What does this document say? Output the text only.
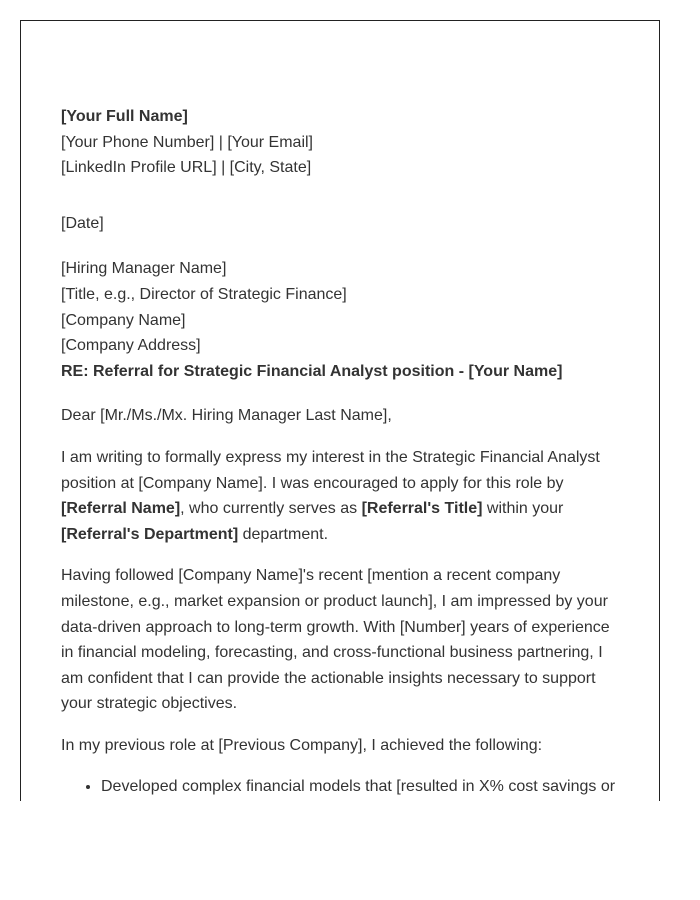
[Your Full Name]
[Your Phone Number] | [Your Email]
[LinkedIn Profile URL] | [City, State]
[Date]
[Hiring Manager Name]
[Title, e.g., Director of Strategic Finance]
[Company Name]
[Company Address]
RE: Referral for Strategic Financial Analyst position - [Your Name]

Dear [Mr./Ms./Mx. Hiring Manager Last Name],

I am writing to formally express my interest in the Strategic Financial Analyst position at [Company Name]. I was encouraged to apply for this role by [Referral Name], who currently serves as [Referral's Title] within your [Referral's Department] department.

Having followed [Company Name]'s recent [mention a recent company milestone, e.g., market expansion or product launch], I am impressed by your data-driven approach to long-term growth. With [Number] years of experience in financial modeling, forecasting, and cross-functional business partnering, I am confident that I can provide the actionable insights necessary to support your strategic objectives.

In my previous role at [Previous Company], I achieved the following:

• Developed complex financial models that [resulted in X% cost savings or
